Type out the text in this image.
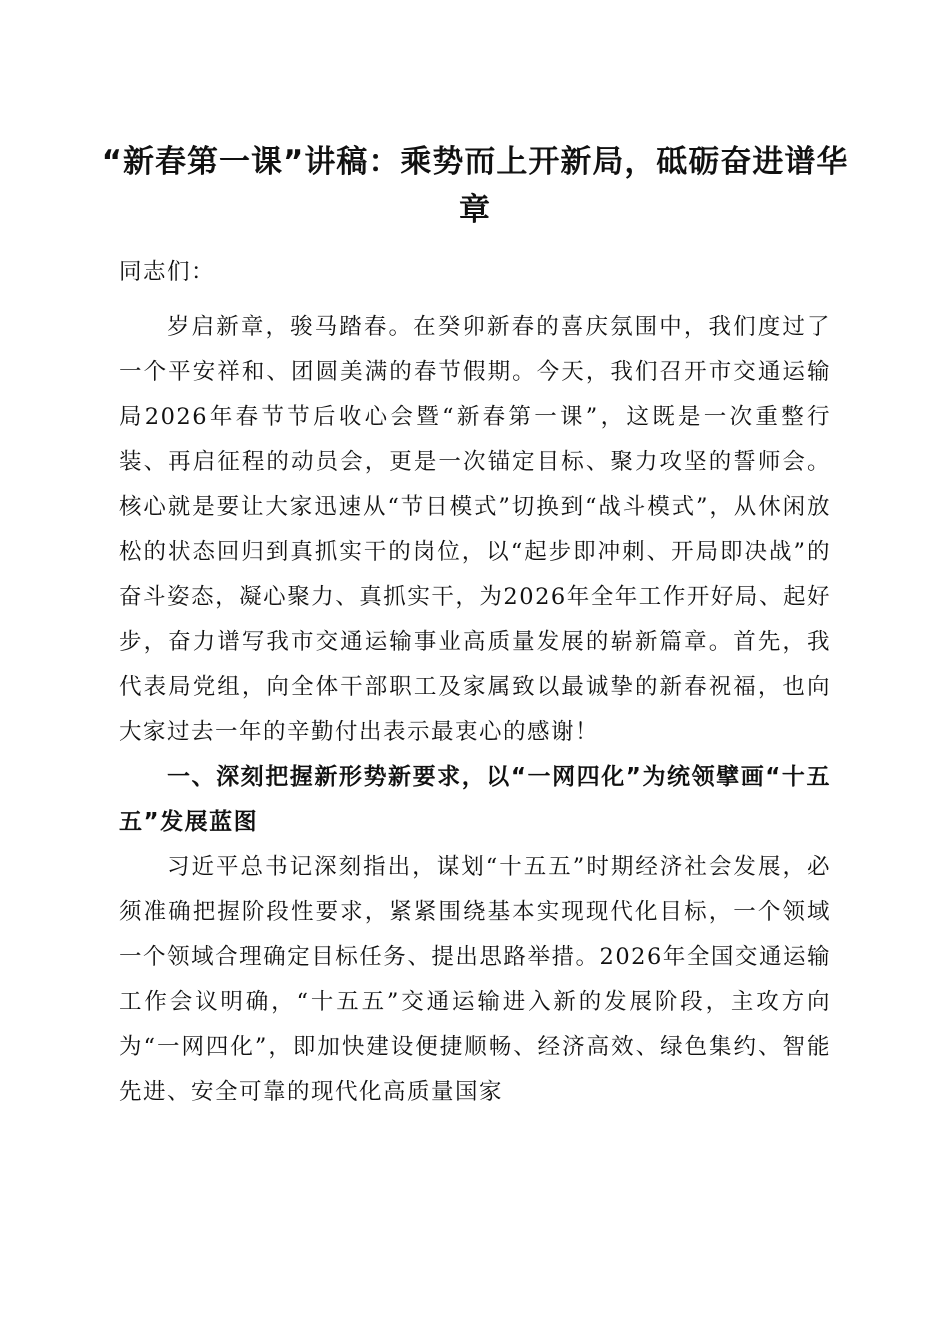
“新春第一课”讲稿：乘势而上开新局，砥砺奋进谱华章

同志们：

岁启新章，骏马踏春。在癸卯新春的喜庆氛围中，我们度过了一个平安祥和、团圆美满的春节假期。今天，我们召开市交通运输局2026年春节节后收心会暨“新春第一课”，这既是一次重整行装、再启征程的动员会，更是一次锚定目标、聚力攻坚的誓师会。核心就是要让大家迅速从“节日模式”切换到“战斗模式”，从休闲放松的状态回归到真抓实干的岗位，以“起步即冲刺、开局即决战”的奋斗姿态，凝心聚力、真抓实干，为2026年全年工作开好局、起好步，奋力谱写我市交通运输事业高质量发展的崭新篇章。首先，我代表局党组，向全体干部职工及家属致以最诚挚的新春祝福，也向大家过去一年的辛勤付出表示最衷心的感谢！

一、深刻把握新形势新要求，以“一网四化”为统领擘画“十五五”发展蓝图

习近平总书记深刻指出，谋划“十五五”时期经济社会发展，必须准确把握阶段性要求，紧紧围绕基本实现现代化目标，一个领域一个领域合理确定目标任务、提出思路举措。2026年全国交通运输工作会议明确，“十五五”交通运输进入新的发展阶段，主攻方向为“一网四化”，即加快建设便捷顺畅、经济高效、绿色集约、智能先进、安全可靠的现代化高质量国家
